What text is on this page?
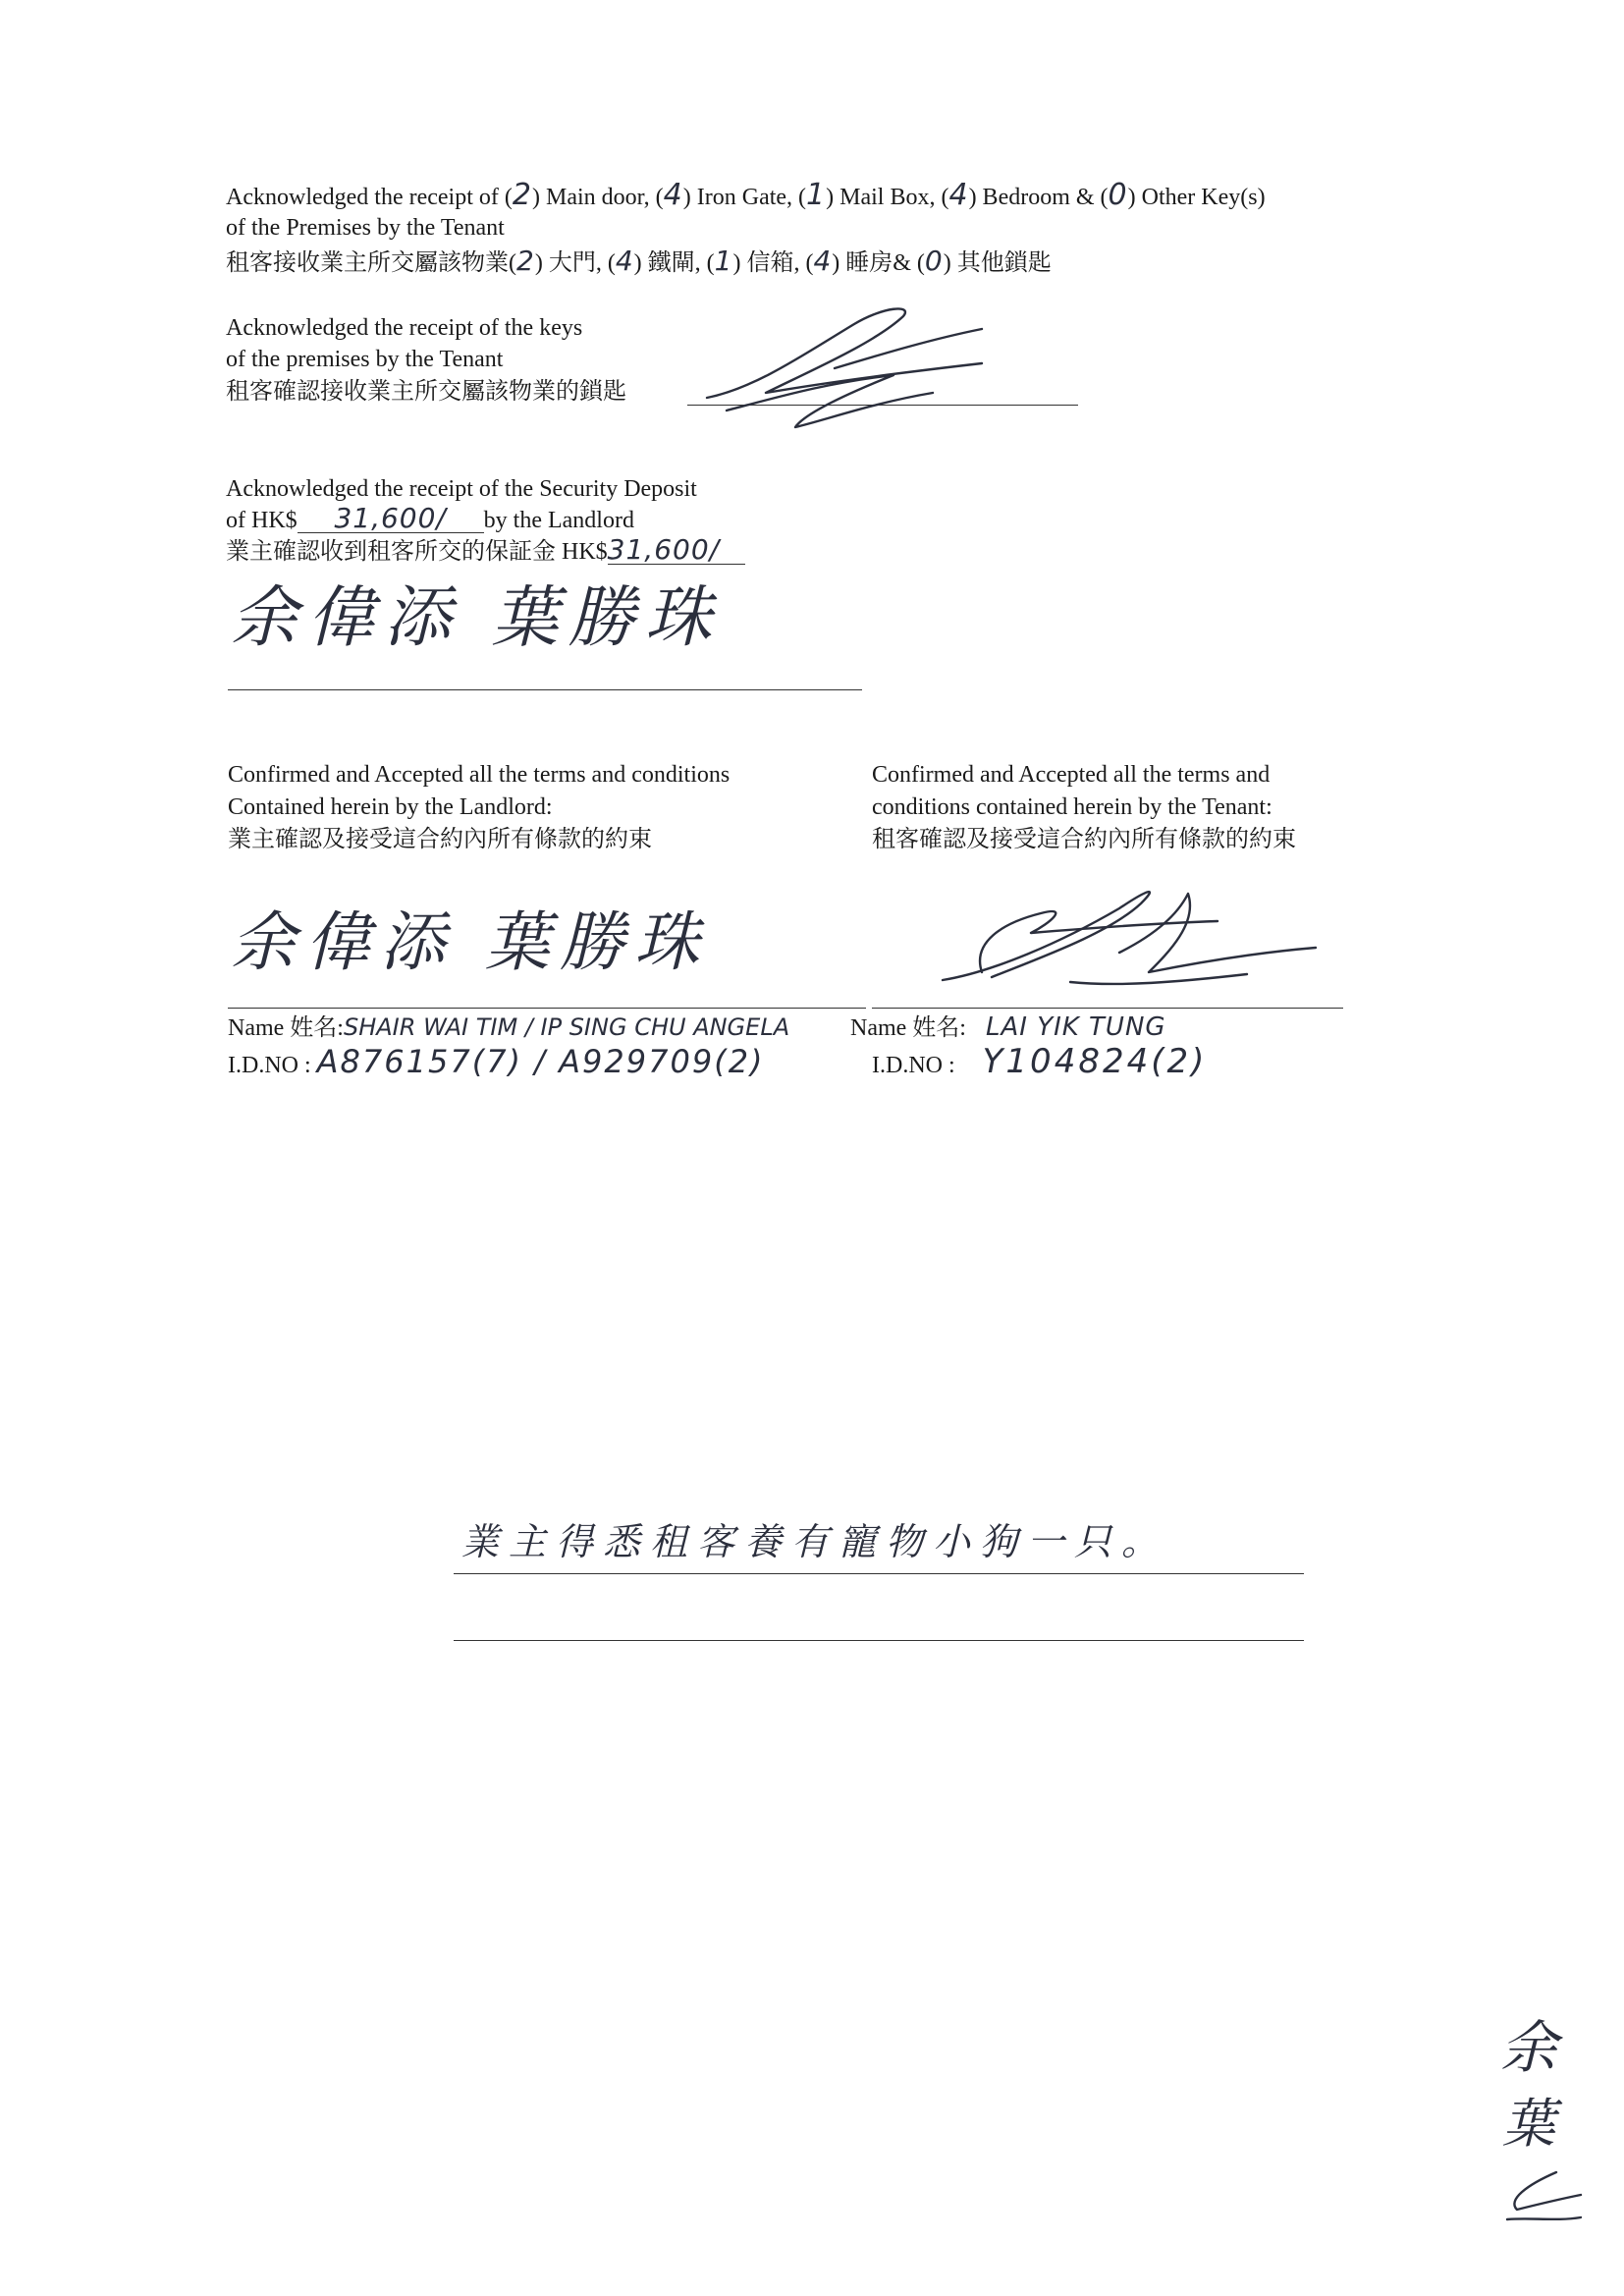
Acknowledged the receipt of (2) Main door, (4) Iron Gate, (1) Mail Box, (4) Bedroom & (0) Other Key(s)
of the Premises by the Tenant
租客接收業主所交屬該物業(2) 大門, (4) 鐵閘, (1) 信箱, (4) 睡房& (0) 其他鎖匙
Acknowledged the receipt of the keys
of the premises by the Tenant
租客確認接收業主所交屬該物業的鎖匙
Acknowledged the receipt of the Security Deposit
of HK$ 31,600/ by the Landlord
業主確認收到租客所交的保証金 HK$31,600/
余偉添 葉勝珠
Confirmed and Accepted all the terms and conditions
Contained herein by the Landlord:
業主確認及接受這合約內所有條款的約束
余偉添 葉勝珠
Confirmed and Accepted all the terms and
conditions contained herein by the Tenant:
租客確認及接受這合約內所有條款的約束
Name 姓名:SHAIR WAI TIM / IP SING CHU ANGELA
I.D.NO : A876157(7) / A929709(2)
Name 姓名: LAI YIK TUNG
I.D.NO : Y104824(2)
業主得悉租客養有寵物小狗一只。
余
葉
